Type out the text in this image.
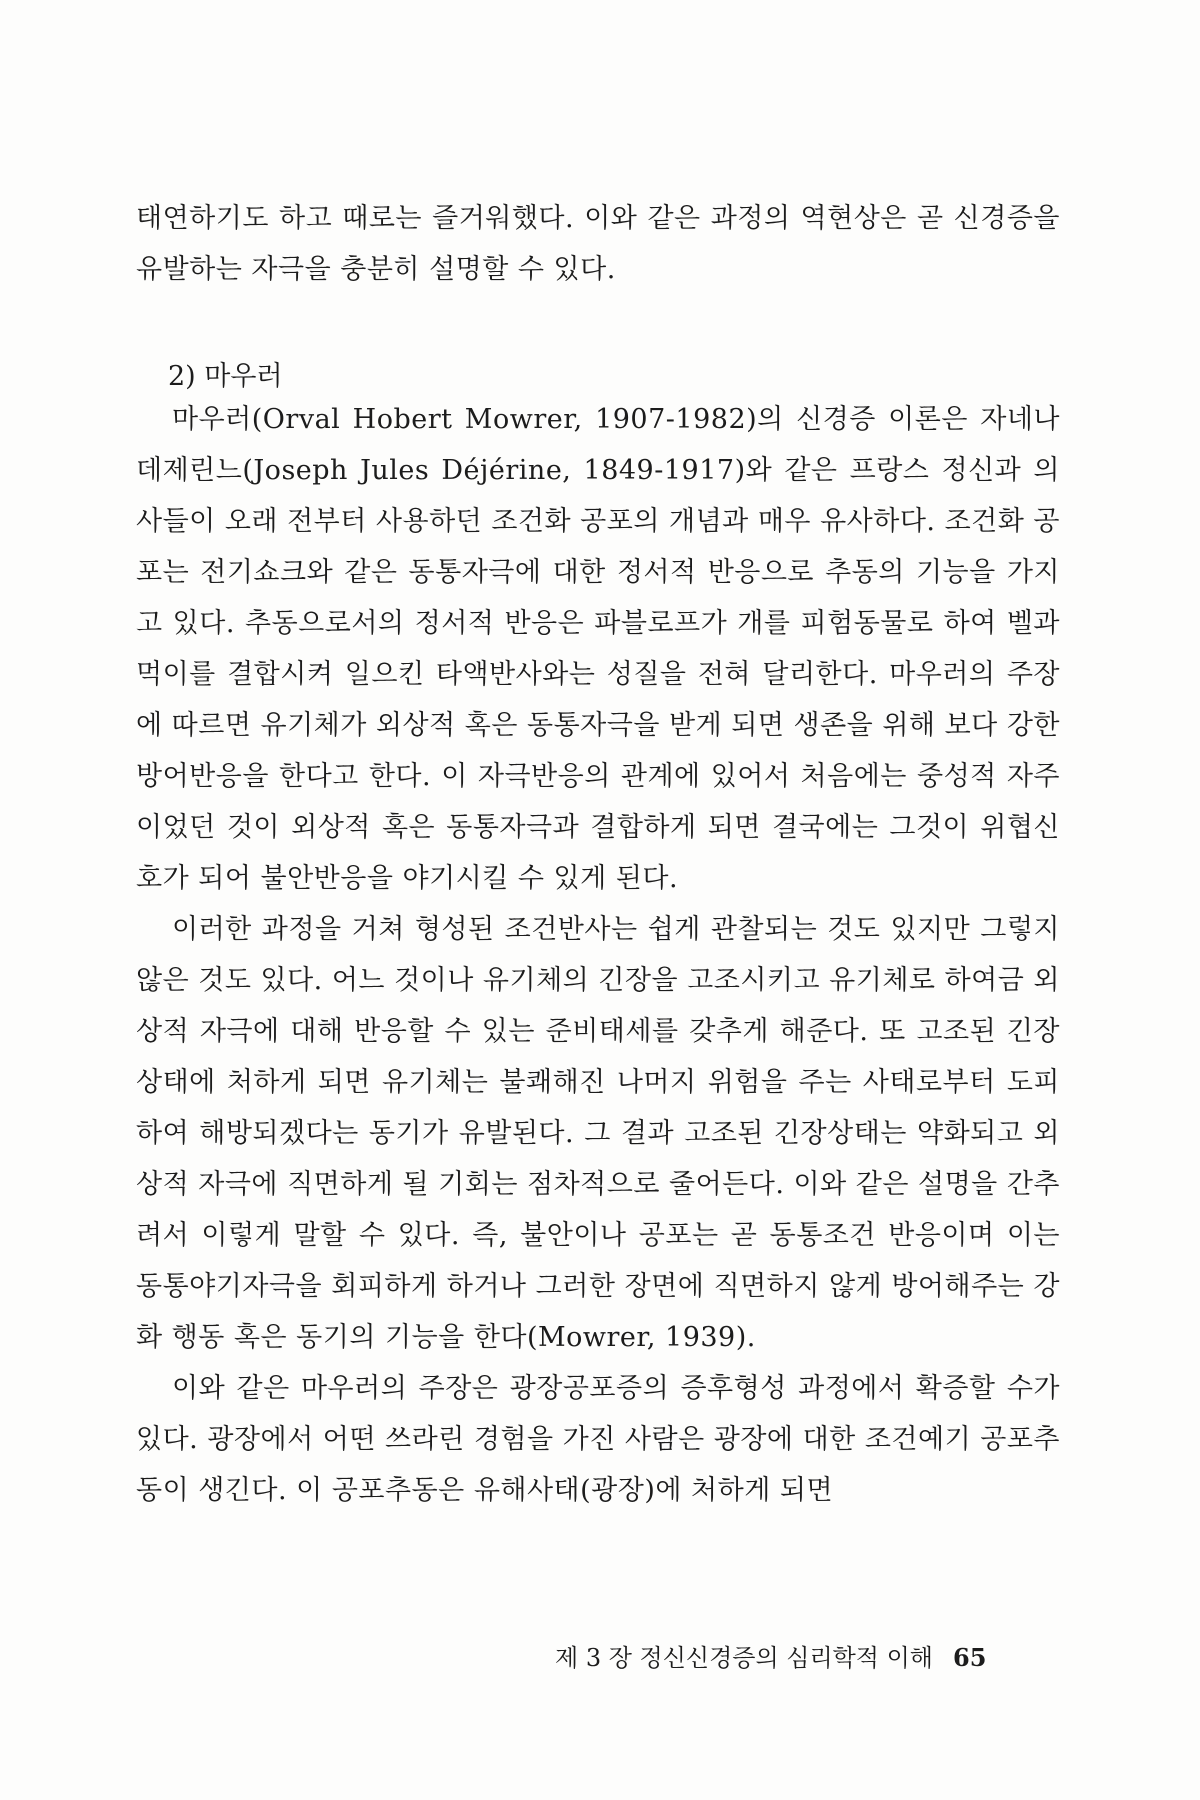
태연하기도 하고 때로는 즐거워했다. 이와 같은 과정의 역현상은 곧 신경증을 유발하는 자극을 충분히 설명할 수 있다.

마우러(Orval Hobert Mowrer, 1907-1982)의 신경증 이론은 자네나 데제린느(Joseph Jules Déjérine, 1849-1917)와 같은 프랑스 정신과 의사들이 오래 전부터 사용하던 조건화 공포의 개념과 매우 유사하다. 조건화 공포는 전기쇼크와 같은 동통자극에 대한 정서적 반응으로 추동의 기능을 가지고 있다. 추동으로서의 정서적 반응은 파블로프가 개를 피험동물로 하여 벨과 먹이를 결합시켜 일으킨 타액반사와는 성질을 전혀 달리한다. 마우러의 주장에 따르면 유기체가 외상적 혹은 동통자극을 받게 되면 생존을 위해 보다 강한 방어반응을 한다고 한다. 이 자극반응의 관계에 있어서 처음에는 중성적 자주이었던 것이 외상적 혹은 동통자극과 결합하게 되면 결국에는 그것이 위협신호가 되어 불안반응을 야기시킬 수 있게 된다.

이러한 과정을 거쳐 형성된 조건반사는 쉽게 관찰되는 것도 있지만 그렇지 않은 것도 있다. 어느 것이나 유기체의 긴장을 고조시키고 유기체로 하여금 외상적 자극에 대해 반응할 수 있는 준비태세를 갖추게 해준다. 또 고조된 긴장상태에 처하게 되면 유기체는 불쾌해진 나머지 위험을 주는 사태로부터 도피하여 해방되겠다는 동기가 유발된다. 그 결과 고조된 긴장상태는 약화되고 외상적 자극에 직면하게 될 기회는 점차적으로 줄어든다. 이와 같은 설명을 간추려서 이렇게 말할 수 있다. 즉, 불안이나 공포는 곧 동통조건 반응이며 이는 동통야기자극을 회피하게 하거나 그러한 장면에 직면하지 않게 방어해주는 강화 행동 혹은 동기의 기능을 한다(Mowrer, 1939).

이와 같은 마우러의 주장은 광장공포증의 증후형성 과정에서 확증할 수가 있다. 광장에서 어떤 쓰라린 경험을 가진 사람은 광장에 대한 조건예기 공포추동이 생긴다. 이 공포추동은 유해사태(광장)에 처하게 되면

2) 마우러
제 3 장 정신신경증의 심리학적 이해 65
